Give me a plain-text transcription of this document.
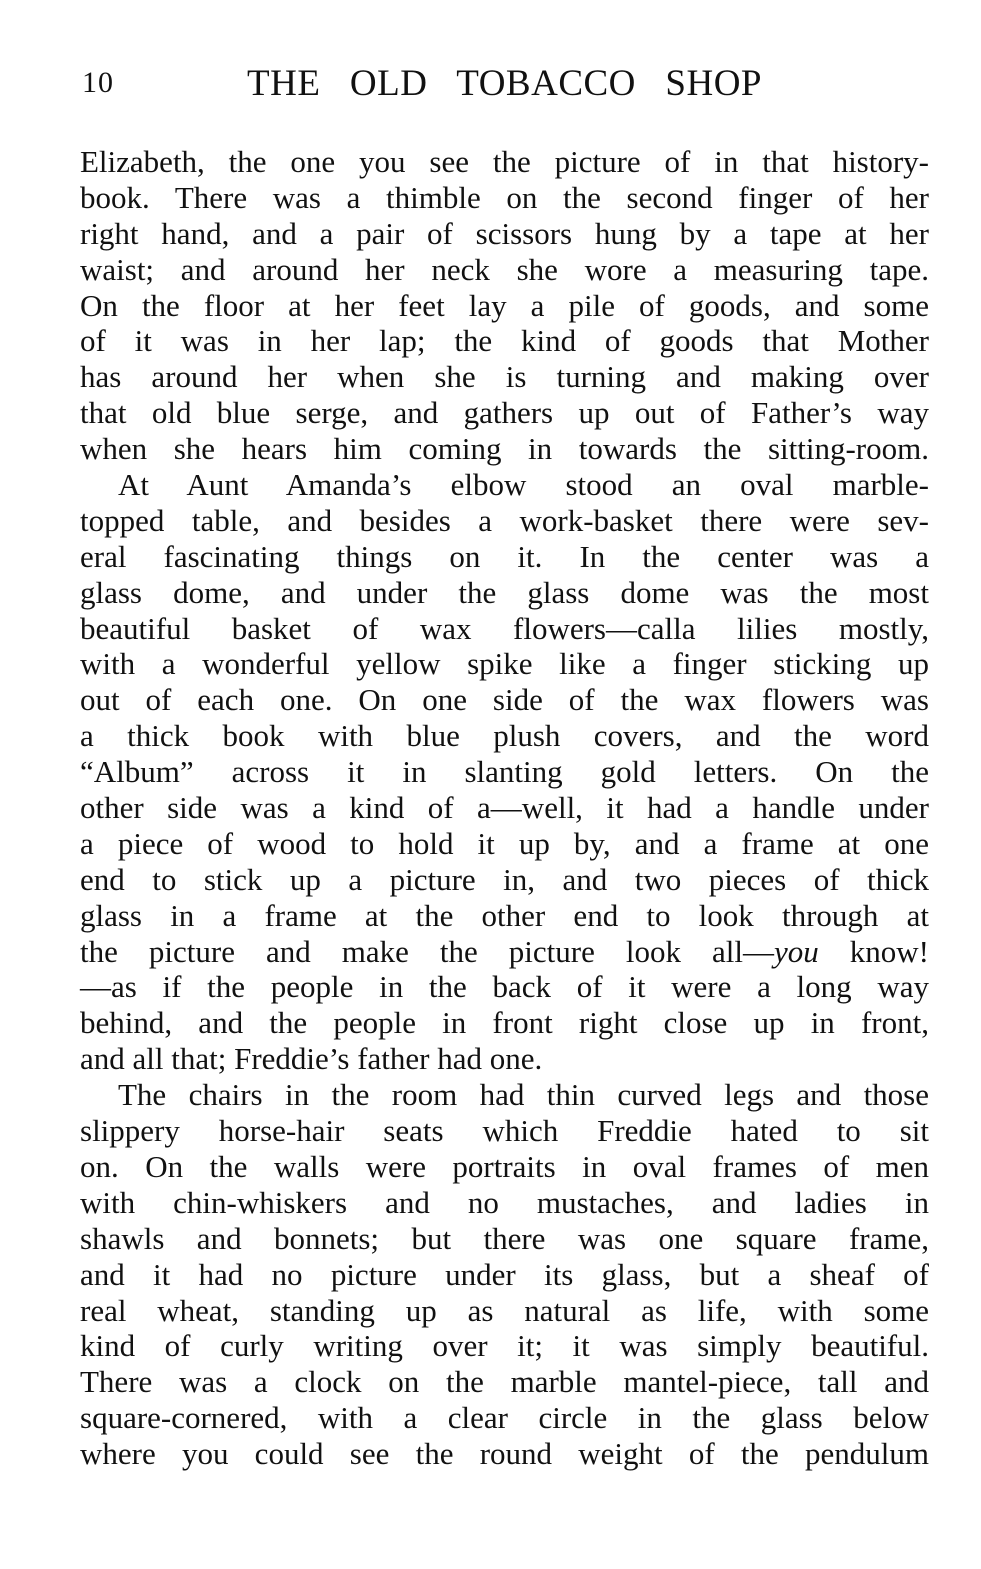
10	THE OLD TOBACCO SHOP
Elizabeth, the one you see the picture of in that history-
book. There was a thimble on the second finger of her
right hand, and a pair of scissors hung by a tape at her
waist; and around her neck she wore a measuring tape.
On the floor at her feet lay a pile of goods, and some
of it was in her lap; the kind of goods that Mother
has around her when she is turning and making over
that old blue serge, and gathers up out of Father’s way
when she hears him coming in towards the sitting-room.
At Aunt Amanda’s elbow stood an oval marble-
topped table, and besides a work-basket there were sev-
eral fascinating things on it. In the center was a
glass dome, and under the glass dome was the most
beautiful basket of wax flowers—calla lilies mostly,
with a wonderful yellow spike like a finger sticking up
out of each one. On one side of the wax flowers was
a thick book with blue plush covers, and the word
“Album” across it in slanting gold letters. On the
other side was a kind of a—well, it had a handle under
a piece of wood to hold it up by, and a frame at one
end to stick up a picture in, and two pieces of thick
glass in a frame at the other end to look through at
the picture and make the picture look all—you know!
—as if the people in the back of it were a long way
behind, and the people in front right close up in front,
and all that; Freddie’s father had one.
The chairs in the room had thin curved legs and those
slippery horse-hair seats which Freddie hated to sit
on. On the walls were portraits in oval frames of men
with chin-whiskers and no mustaches, and ladies in
shawls and bonnets; but there was one square frame,
and it had no picture under its glass, but a sheaf of
real wheat, standing up as natural as life, with some
kind of curly writing over it; it was simply beautiful.
There was a clock on the marble mantel-piece, tall and
square-cornered, with a clear circle in the glass below
where you could see the round weight of the pendulum
